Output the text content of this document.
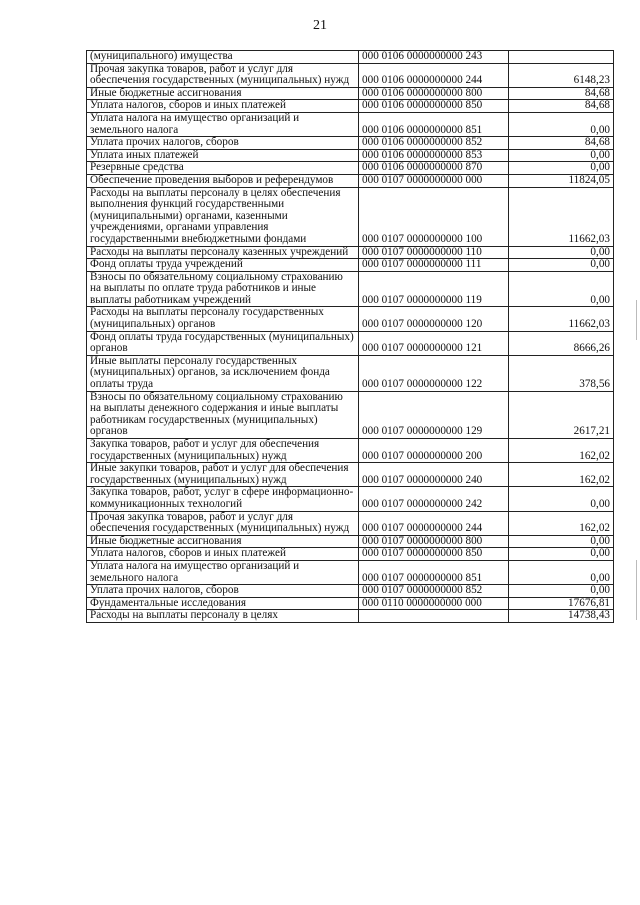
21
(муниципального) имущества	000 0106 0000000000 243	
Прочая закупка товаров, работ и услуг для обеспечения государственных (муниципальных) нужд	000 0106 0000000000 244	6148,23
Иные бюджетные ассигнования	000 0106 0000000000 800	84,68
Уплата налогов, сборов и иных платежей	000 0106 0000000000 850	84,68
Уплата налога на имущество организаций и земельного налога	000 0106 0000000000 851	0,00
Уплата прочих налогов, сборов	000 0106 0000000000 852	84,68
Уплата иных платежей	000 0106 0000000000 853	0,00
Резервные средства	000 0106 0000000000 870	0,00
Обеспечение проведения выборов и референдумов	000 0107 0000000000 000	11824,05
Расходы на выплаты персоналу в целях обеспечения выполнения функций государственными (муниципальными) органами, казенными учреждениями, органами управления государственными внебюджетными фондами	000 0107 0000000000 100	11662,03
Расходы на выплаты персоналу казенных учреждений	000 0107 0000000000 110	0,00
Фонд оплаты труда учреждений	000 0107 0000000000 111	0,00
Взносы по обязательному социальному страхованию на выплаты по оплате труда работников и иные выплаты работникам учреждений	000 0107 0000000000 119	0,00
Расходы на выплаты персоналу государственных (муниципальных) органов	000 0107 0000000000 120	11662,03
Фонд оплаты труда государственных (муниципальных) органов	000 0107 0000000000 121	8666,26
Иные выплаты персоналу государственных (муниципальных) органов, за исключением фонда оплаты труда	000 0107 0000000000 122	378,56
Взносы по обязательному социальному страхованию на выплаты денежного содержания и иные выплаты работникам государственных (муниципальных) органов	000 0107 0000000000 129	2617,21
Закупка товаров, работ и услуг для обеспечения государственных (муниципальных) нужд	000 0107 0000000000 200	162,02
Иные закупки товаров, работ и услуг для обеспечения государственных (муниципальных) нужд	000 0107 0000000000 240	162,02
Закупка товаров, работ, услуг в сфере информационно-коммуникационных технологий	000 0107 0000000000 242	0,00
Прочая закупка товаров, работ и услуг для обеспечения государственных (муниципальных) нужд	000 0107 0000000000 244	162,02
Иные бюджетные ассигнования	000 0107 0000000000 800	0,00
Уплата налогов, сборов и иных платежей	000 0107 0000000000 850	0,00
Уплата налога на имущество организаций и земельного налога	000 0107 0000000000 851	0,00
Уплата прочих налогов, сборов	000 0107 0000000000 852	0,00
Фундаментальные исследования	000 0110 0000000000 000	17676,81
Расходы на выплаты персоналу в целях		14738,43
